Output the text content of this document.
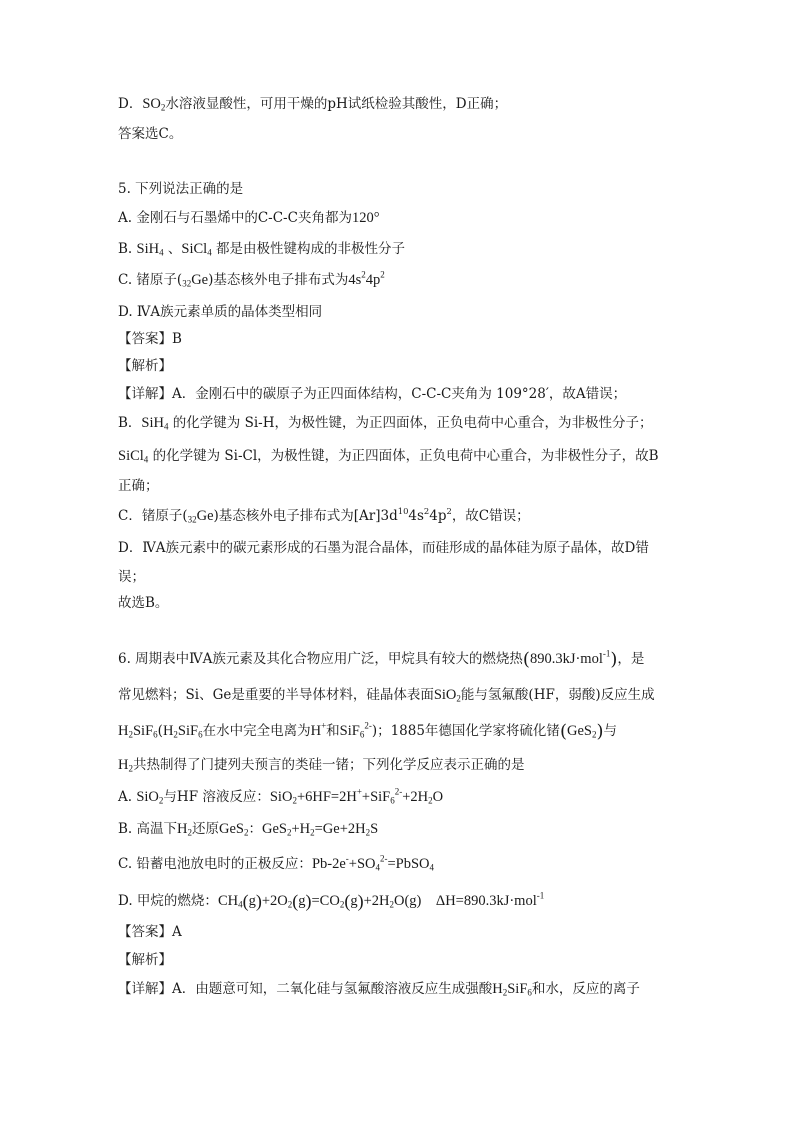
D．$SO_2$水溶液显酸性，可用干燥的pH试纸检验其酸性，D正确；
答案选C。
5. 下列说法正确的是
A. 金刚石与石墨烯中的C-C-C夹角都为120°
B. SiH$_4$ 、SiCl$_4$ 都是由极性键构成的非极性分子
C. 锗原子$(_{32}Ge)$基态核外电子排布式为$4s^24p^2$
D. ⅣA族元素单质的晶体类型相同
【答案】B
【解析】
【详解】A．金刚石中的碳原子为正四面体结构，C-C-C夹角为 109°28′，故A错误；
B．SiH$_4$ 的化学键为 Si-H，为极性键，为正四面体，正负电荷中心重合，为非极性分子；
SiCl$_4$ 的化学键为 Si-Cl，为极性键，为正四面体，正负电荷中心重合，为非极性分子，故B
正确；
C．锗原子$(_{32}Ge)$基态核外电子排布式为$[Ar]3d^{10}4s^24p^2$，故C错误；
D．ⅣA族元素中的碳元素形成的石墨为混合晶体，而硅形成的晶体硅为原子晶体，故D错
误；
故选B。
6. 周期表中ⅣA族元素及其化合物应用广泛，甲烷具有较大的燃烧热(890.3kJ·mol$^{-1}$)，是
常见燃料；Si、Ge是重要的半导体材料，硅晶体表面SiO$_2$能与氢氟酸(HF，弱酸)反应生成
$H_2SiF_6(H_2SiF_6$在水中完全电离为H+和SiF$_6^{2-}$)；1885年德国化学家将硫化锗(GeS$_2$)与
$H_2$共热制得了门捷列夫预言的类硅一锗；下列化学反应表示正确的是
A. SiO$_2$与HF 溶液反应：$SiO_2+6HF=2H^++SiF_6^{2-}+2H_2O$
B. 高温下$H_2$还原GeS$_2$：$GeS_2+H_2=Ge+2H_2S$
C. 铅蓄电池放电时的正极反应：$Pb-2e^-+SO_4^{2-}=PbSO_4$
D. 甲烷的燃烧：$CH_4(g)+2O_2(g)=CO_2(g)+2H_2O(g)$    ΔH=890.3kJ·mol$^{-1}$
【答案】A
【解析】
【详解】A．由题意可知，二氧化硅与氢氟酸溶液反应生成强酸$H_2SiF_6$和水，反应的离子
